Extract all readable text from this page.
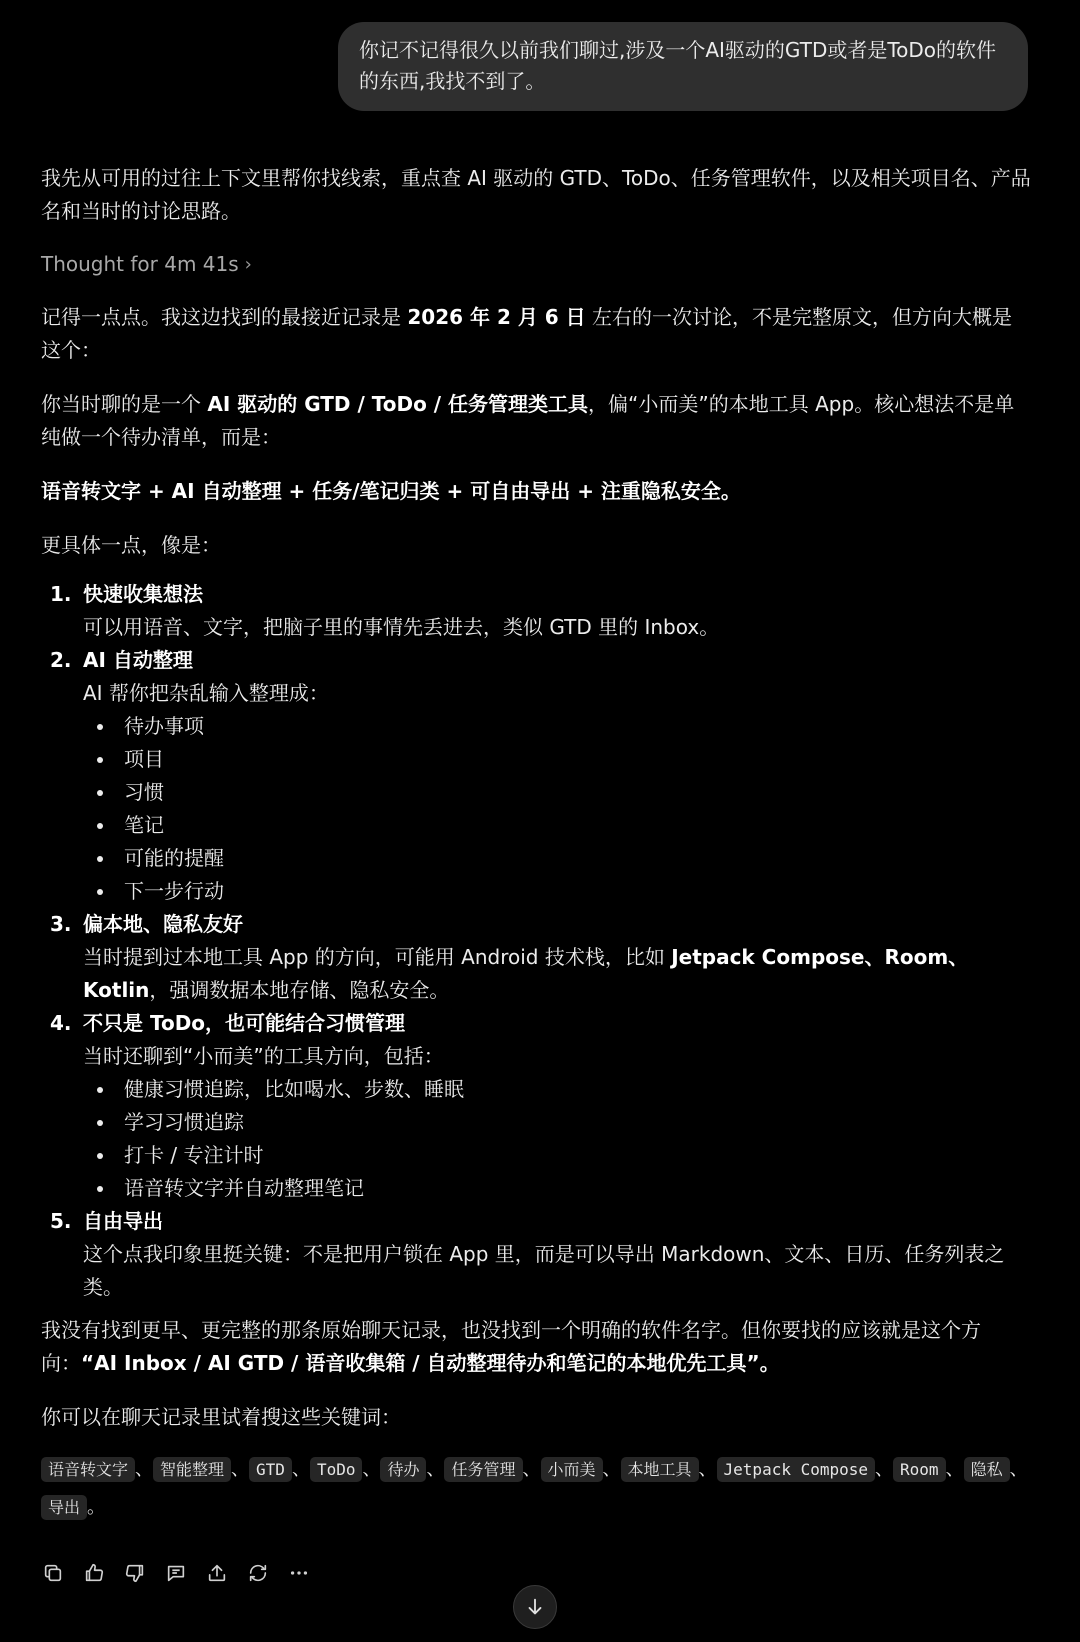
你记不记得很久以前我们聊过,涉及一个AI驱动的GTD或者是ToDo的软件的东西,我找不到了。

我先从可用的过往上下文里帮你找线索，重点查 AI 驱动的 GTD、ToDo、任务管理软件，以及相关项目名、产品名和当时的讨论思路。

Thought for 4m 41s ›

记得一点点。我这边找到的最接近记录是 2026 年 2 月 6 日 左右的一次讨论，不是完整原文，但方向大概是这个：

你当时聊的是一个 AI 驱动的 GTD / ToDo / 任务管理类工具，偏“小而美”的本地工具 App。核心想法不是单纯做一个待办清单，而是：

语音转文字 + AI 自动整理 + 任务/笔记归类 + 可自由导出 + 注重隐私安全。

更具体一点，像是：

1. 快速收集想法
可以用语音、文字，把脑子里的事情先丢进去，类似 GTD 里的 Inbox。
2. AI 自动整理
AI 帮你把杂乱输入整理成：
待办事项
项目
习惯
笔记
可能的提醒
下一步行动
3. 偏本地、隐私友好
当时提到过本地工具 App 的方向，可能用 Android 技术栈，比如 Jetpack Compose、Room、Kotlin，强调数据本地存储、隐私安全。
4. 不只是 ToDo，也可能结合习惯管理
当时还聊到“小而美”的工具方向，包括：
健康习惯追踪，比如喝水、步数、睡眠
学习习惯追踪
打卡 / 专注计时
语音转文字并自动整理笔记
5. 自由导出
这个点我印象里挺关键：不是把用户锁在 App 里，而是可以导出 Markdown、文本、日历、任务列表之类。

我没有找到更早、更完整的那条原始聊天记录，也没找到一个明确的软件名字。但你要找的应该就是这个方向：“AI Inbox / AI GTD / 语音收集箱 / 自动整理待办和笔记的本地优先工具”。

你可以在聊天记录里试着搜这些关键词：

语音转文字 、 智能整理 、 GTD 、 ToDo 、 待办 、 任务管理 、 小而美 、 本地工具 、 Jetpack Compose 、 Room 、 隐私 、导出 。
